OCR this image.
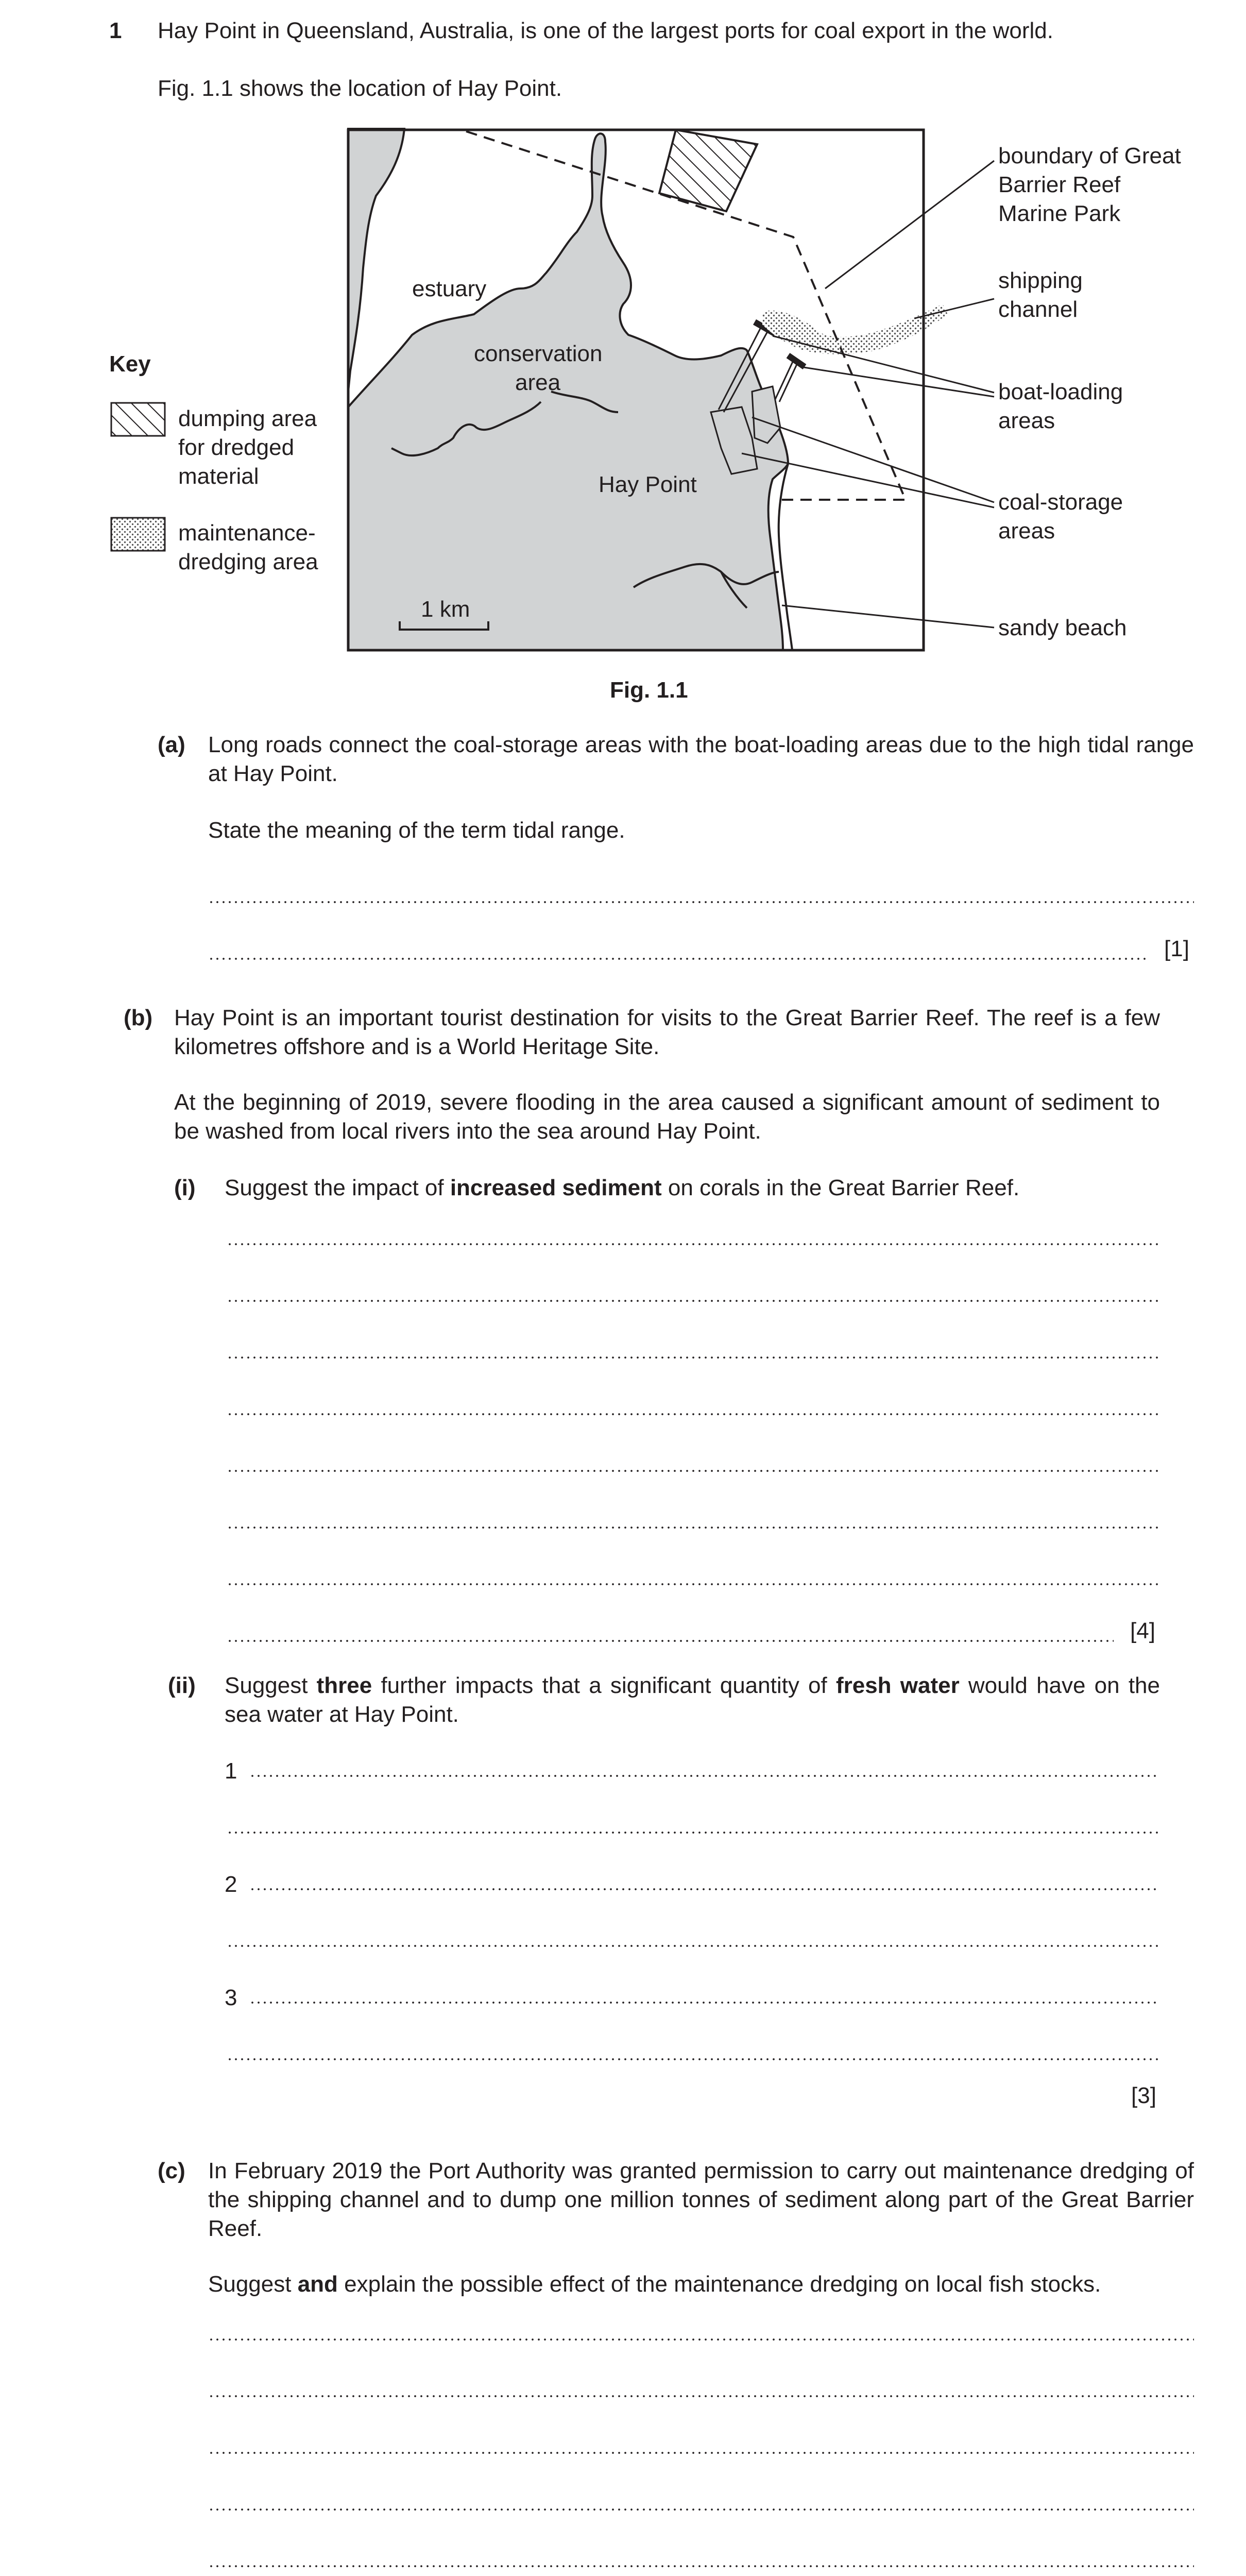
1 Hay Point in Queensland, Australia, is one of the largest ports for coal export in the world.
Fig. 1.1 shows the location of Hay Point.
estuary
conservation
area
Hay Point
1 km
boundary of Great
Barrier Reef
Marine Park
shipping
channel
boat-loading
areas
coal-storage
areas
sandy beach
Key
dumping area
for dredged
material
maintenance-
dredging area
Fig. 1.1
(a) Long roads connect the coal-storage areas with the boat-loading areas due to the high tidal range at Hay Point.
State the meaning of the term tidal range.
[1]
(b) Hay Point is an important tourist destination for visits to the Great Barrier Reef. The reef is a few kilometres offshore and is a World Heritage Site.
At the beginning of 2019, severe flooding in the area caused a significant amount of sediment to be washed from local rivers into the sea around Hay Point.
(i) Suggest the impact of increased sediment on corals in the Great Barrier Reef.
[4]
(ii) Suggest three further impacts that a significant quantity of fresh water would have on the sea water at Hay Point.
1
2
3
[3]
(c) In February 2019 the Port Authority was granted permission to carry out maintenance dredging of the shipping channel and to dump one million tonnes of sediment along part of the Great Barrier Reef.
Suggest and explain the possible effect of the maintenance dredging on local fish stocks.
